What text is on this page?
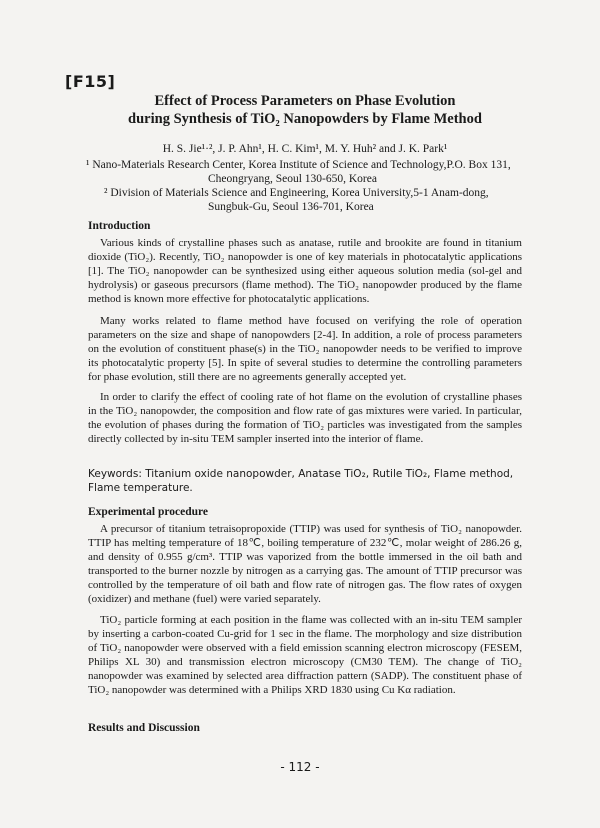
[F15]
Effect of Process Parameters on Phase Evolution
during Synthesis of TiO₂ Nanopowders by Flame Method
H. S. Jie¹·², J. P. Ahn¹, H. C. Kim¹, M. Y. Huh² and J. K. Park¹
¹ Nano-Materials Research Center, Korea Institute of Science and Technology,P.O. Box 131,
Cheongryang, Seoul 130-650, Korea
² Division of Materials Science and Engineering, Korea University,5-1 Anam-dong,
Sungbuk-Gu, Seoul 136-701, Korea
Introduction
Various kinds of crystalline phases such as anatase, rutile and brookite are found in titanium dioxide (TiO₂). Recently, TiO₂ nanopowder is one of key materials in photocatalytic applications [1]. The TiO₂ nanopowder can be synthesized using either aqueous solution media (sol-gel and hydrolysis) or gaseous precursors (flame method). The TiO₂ nanopowder produced by the flame method is known more effective for photocatalytic applications.
Many works related to flame method have focused on verifying the role of operation parameters on the size and shape of nanopowders [2-4]. In addition, a role of process parameters on the evolution of constituent phase(s) in the TiO₂ nanopowder needs to be verified to improve its photocatalytic property [5]. In spite of several studies to determine the controlling parameters for phase evolution, still there are no agreements generally accepted yet.
In order to clarify the effect of cooling rate of hot flame on the evolution of crystalline phases in the TiO₂ nanopowder, the composition and flow rate of gas mixtures were varied. In particular, the evolution of phases during the formation of TiO₂ particles was investigated from the samples directly collected by in-situ TEM sampler inserted into the interior of flame.
Keywords: Titanium oxide nanopowder, Anatase TiO₂, Rutile TiO₂, Flame method, Flame temperature.
Experimental procedure
A precursor of titanium tetraisopropoxide (TTIP) was used for synthesis of TiO₂ nanopowder. TTIP has melting temperature of 18℃, boiling temperature of 232℃, molar weight of 286.26 g, and density of 0.955 g/cm³. TTIP was vaporized from the bottle immersed in the oil bath and transported to the burner nozzle by nitrogen as a carrying gas. The amount of TTIP precursor was controlled by the temperature of oil bath and flow rate of nitrogen gas. The flow rates of oxygen (oxidizer) and methane (fuel) were varied separately.
TiO₂ particle forming at each position in the flame was collected with an in-situ TEM sampler by inserting a carbon-coated Cu-grid for 1 sec in the flame. The morphology and size distribution of TiO₂ nanopowder were observed with a field emission scanning electron microscopy (FESEM, Philips XL 30) and transmission electron microscopy (CM30 TEM). The change of TiO₂ nanopowder was examined by selected area diffraction pattern (SADP). The constituent phase of TiO₂ nanopowder was determined with a Philips XRD 1830 using Cu Kα radiation.
Results and Discussion
- 112 -
